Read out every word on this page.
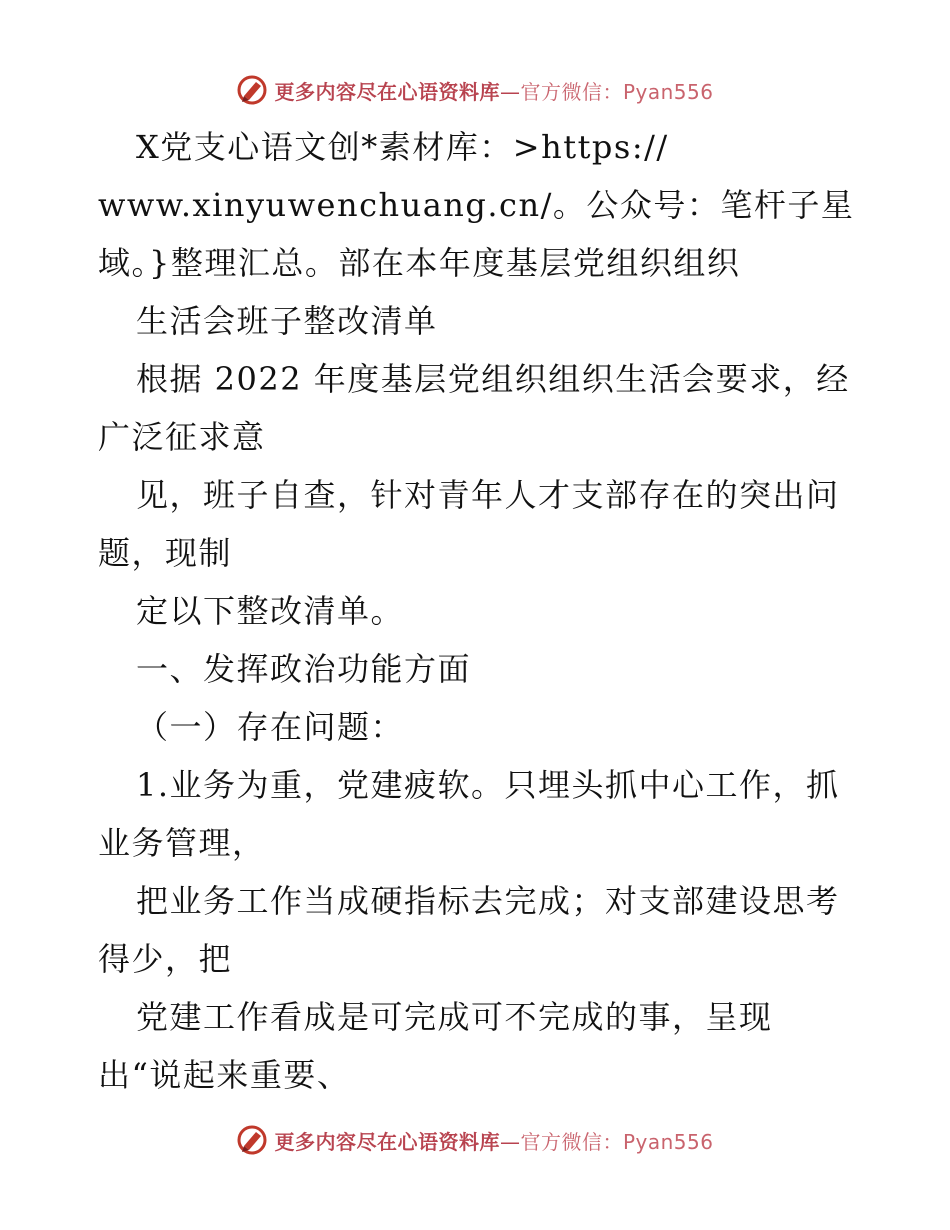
更多内容尽在心语资料库—官方微信：Pyan556
X党支心语文创*素材库：>https://
www.xinyuwenchuang.cn/。公众号：笔杆子星
域。}整理汇总。部在本年度基层党组织组织
生活会班子整改清单
根据 2022 年度基层党组织组织生活会要求，经
广泛征求意
见，班子自查，针对青年人才支部存在的突出问
题，现制
定以下整改清单。
一、发挥政治功能方面
（一）存在问题：
1.业务为重，党建疲软。只埋头抓中心工作，抓
业务管理，
把业务工作当成硬指标去完成；对支部建设思考
得少，把
党建工作看成是可完成可不完成的事，呈现
出“说起来重要、
更多内容尽在心语资料库—官方微信：Pyan556
